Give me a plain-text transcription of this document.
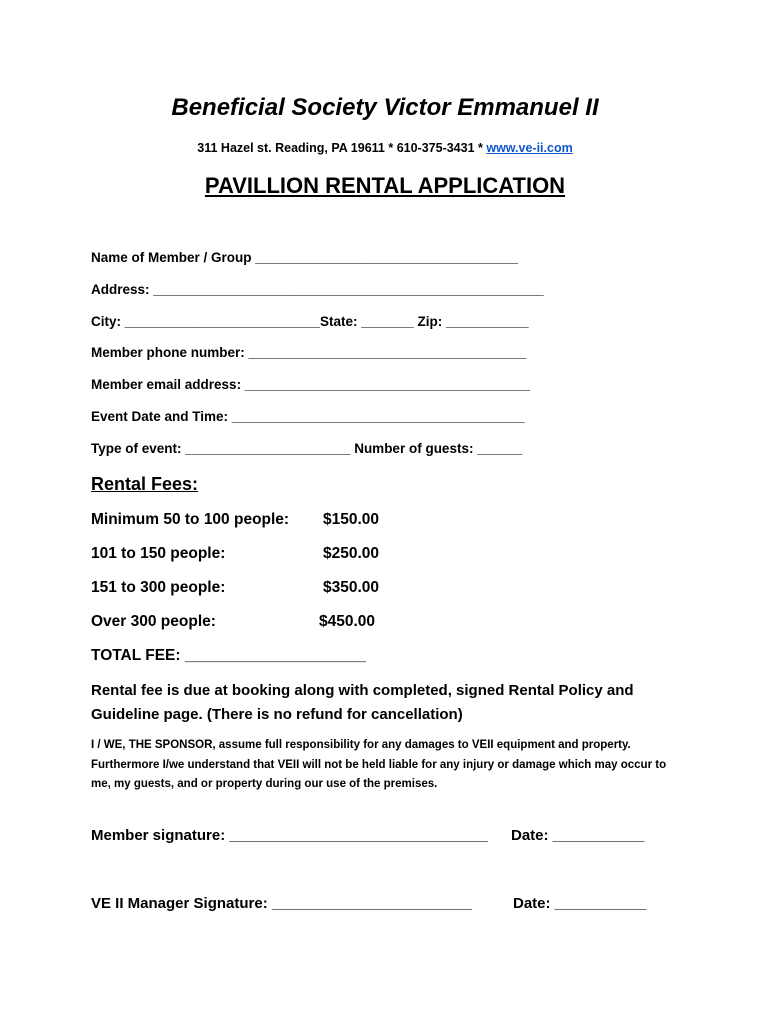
Beneficial Society Victor Emmanuel II
311 Hazel st. Reading, PA 19611 * 610-375-3431 * www.ve-ii.com
PAVILLION RENTAL APPLICATION
Name of Member / Group ___________________________________
Address: ____________________________________________________
City: __________________________State: _______ Zip: ___________
Member phone number: _____________________________________
Member email address: ______________________________________
Event Date and Time: _______________________________________
Type of event: ______________________ Number of guests: ______
Rental Fees:
Minimum 50 to 100 people: $150.00
101 to 150 people:	$250.00
151 to 300 people:	$350.00
Over 300 people:	$450.00
TOTAL FEE: _____________________
Rental fee is due at booking along with completed, signed Rental Policy and Guideline page. (There is no refund for cancellation)
I / WE, THE SPONSOR, assume full responsibility for any damages to VEII equipment and property. Furthermore I/we understand that VEII will not be held liable for any injury or damage which may occur to me, my guests, and or property during our use of the premises.
Member signature: _______________________________ Date: ___________
VE II Manager Signature: ________________________	Date: ___________
